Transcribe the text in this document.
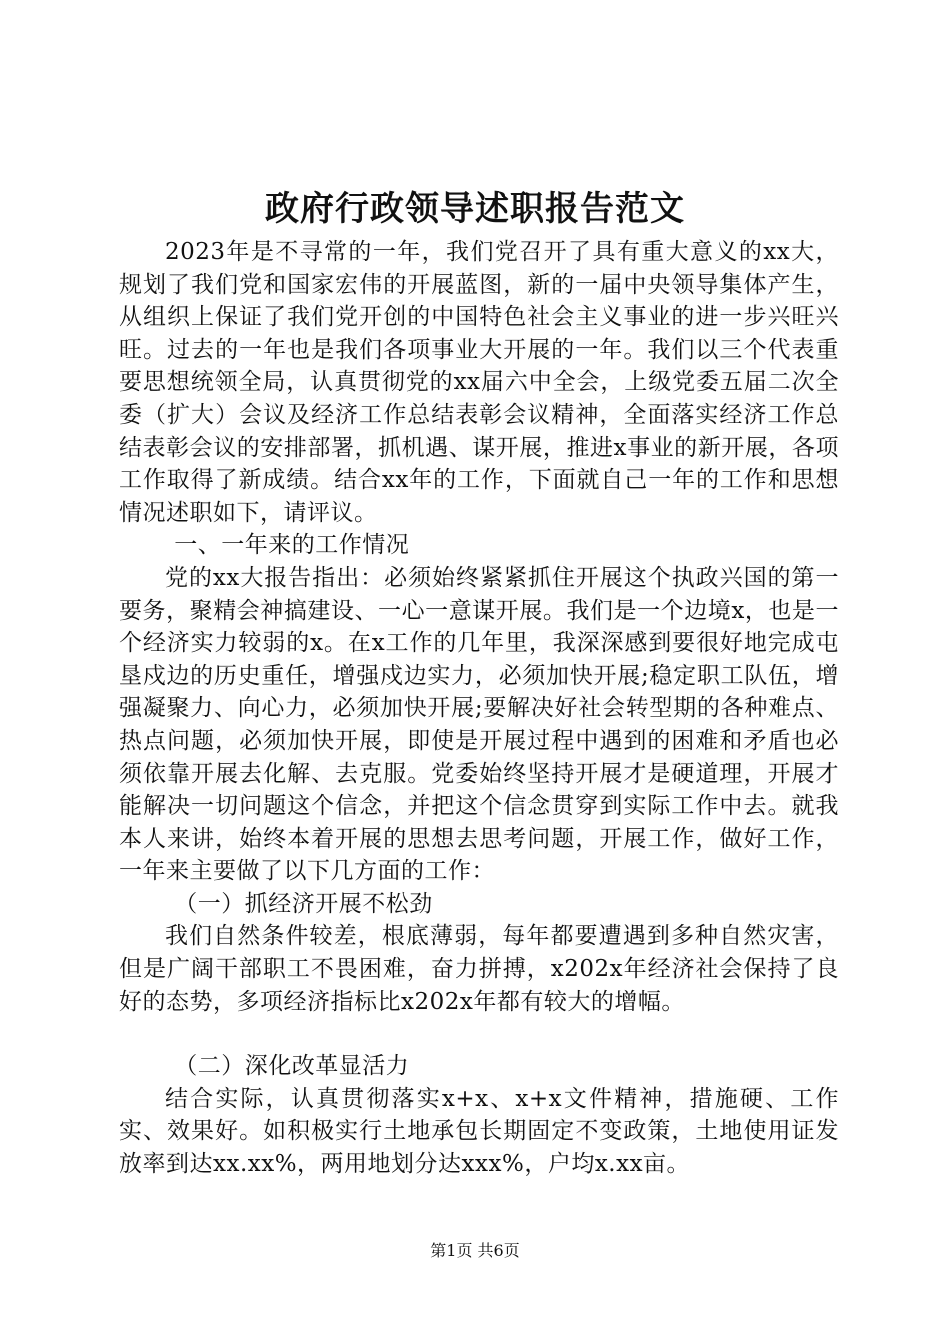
政府行政领导述职报告范文

2023年是不寻常的一年，我们党召开了具有重大意义的xx大，规划了我们党和国家宏伟的开展蓝图，新的一届中央领导集体产生，从组织上保证了我们党开创的中国特色社会主义事业的进一步兴旺兴旺。过去的一年也是我们各项事业大开展的一年。我们以三个代表重要思想统领全局，认真贯彻党的xx届六中全会，上级党委五届二次全委（扩大）会议及经济工作总结表彰会议精神，全面落实经济工作总结表彰会议的安排部署，抓机遇、谋开展，推进x事业的新开展，各项工作取得了新成绩。结合xx年的工作，下面就自己一年的工作和思想情况述职如下，请评议。

一、一年来的工作情况

党的xx大报告指出：必须始终紧紧抓住开展这个执政兴国的第一要务，聚精会神搞建设、一心一意谋开展。我们是一个边境x，也是一个经济实力较弱的x。在x工作的几年里，我深深感到要很好地完成屯垦戍边的历史重任，增强戍边实力，必须加快开展;稳定职工队伍，增强凝聚力、向心力，必须加快开展;要解决好社会转型期的各种难点、热点问题，必须加快开展，即使是开展过程中遇到的困难和矛盾也必须依靠开展去化解、去克服。党委始终坚持开展才是硬道理，开展才能解决一切问题这个信念，并把这个信念贯穿到实际工作中去。就我本人来讲，始终本着开展的思想去思考问题，开展工作，做好工作，一年来主要做了以下几方面的工作：

（一）抓经济开展不松劲

我们自然条件较差，根底薄弱，每年都要遭遇到多种自然灾害，但是广阔干部职工不畏困难，奋力拼搏，x202x年经济社会保持了良好的态势，多项经济指标比x202x年都有较大的增幅。

（二）深化改革显活力

结合实际，认真贯彻落实x+x、x+x文件精神，措施硬、工作实、效果好。如积极实行土地承包长期固定不变政策，土地使用证发放率到达xx.xx%，两用地划分达xxx%，户均x.xx亩。

第1页 共6页
